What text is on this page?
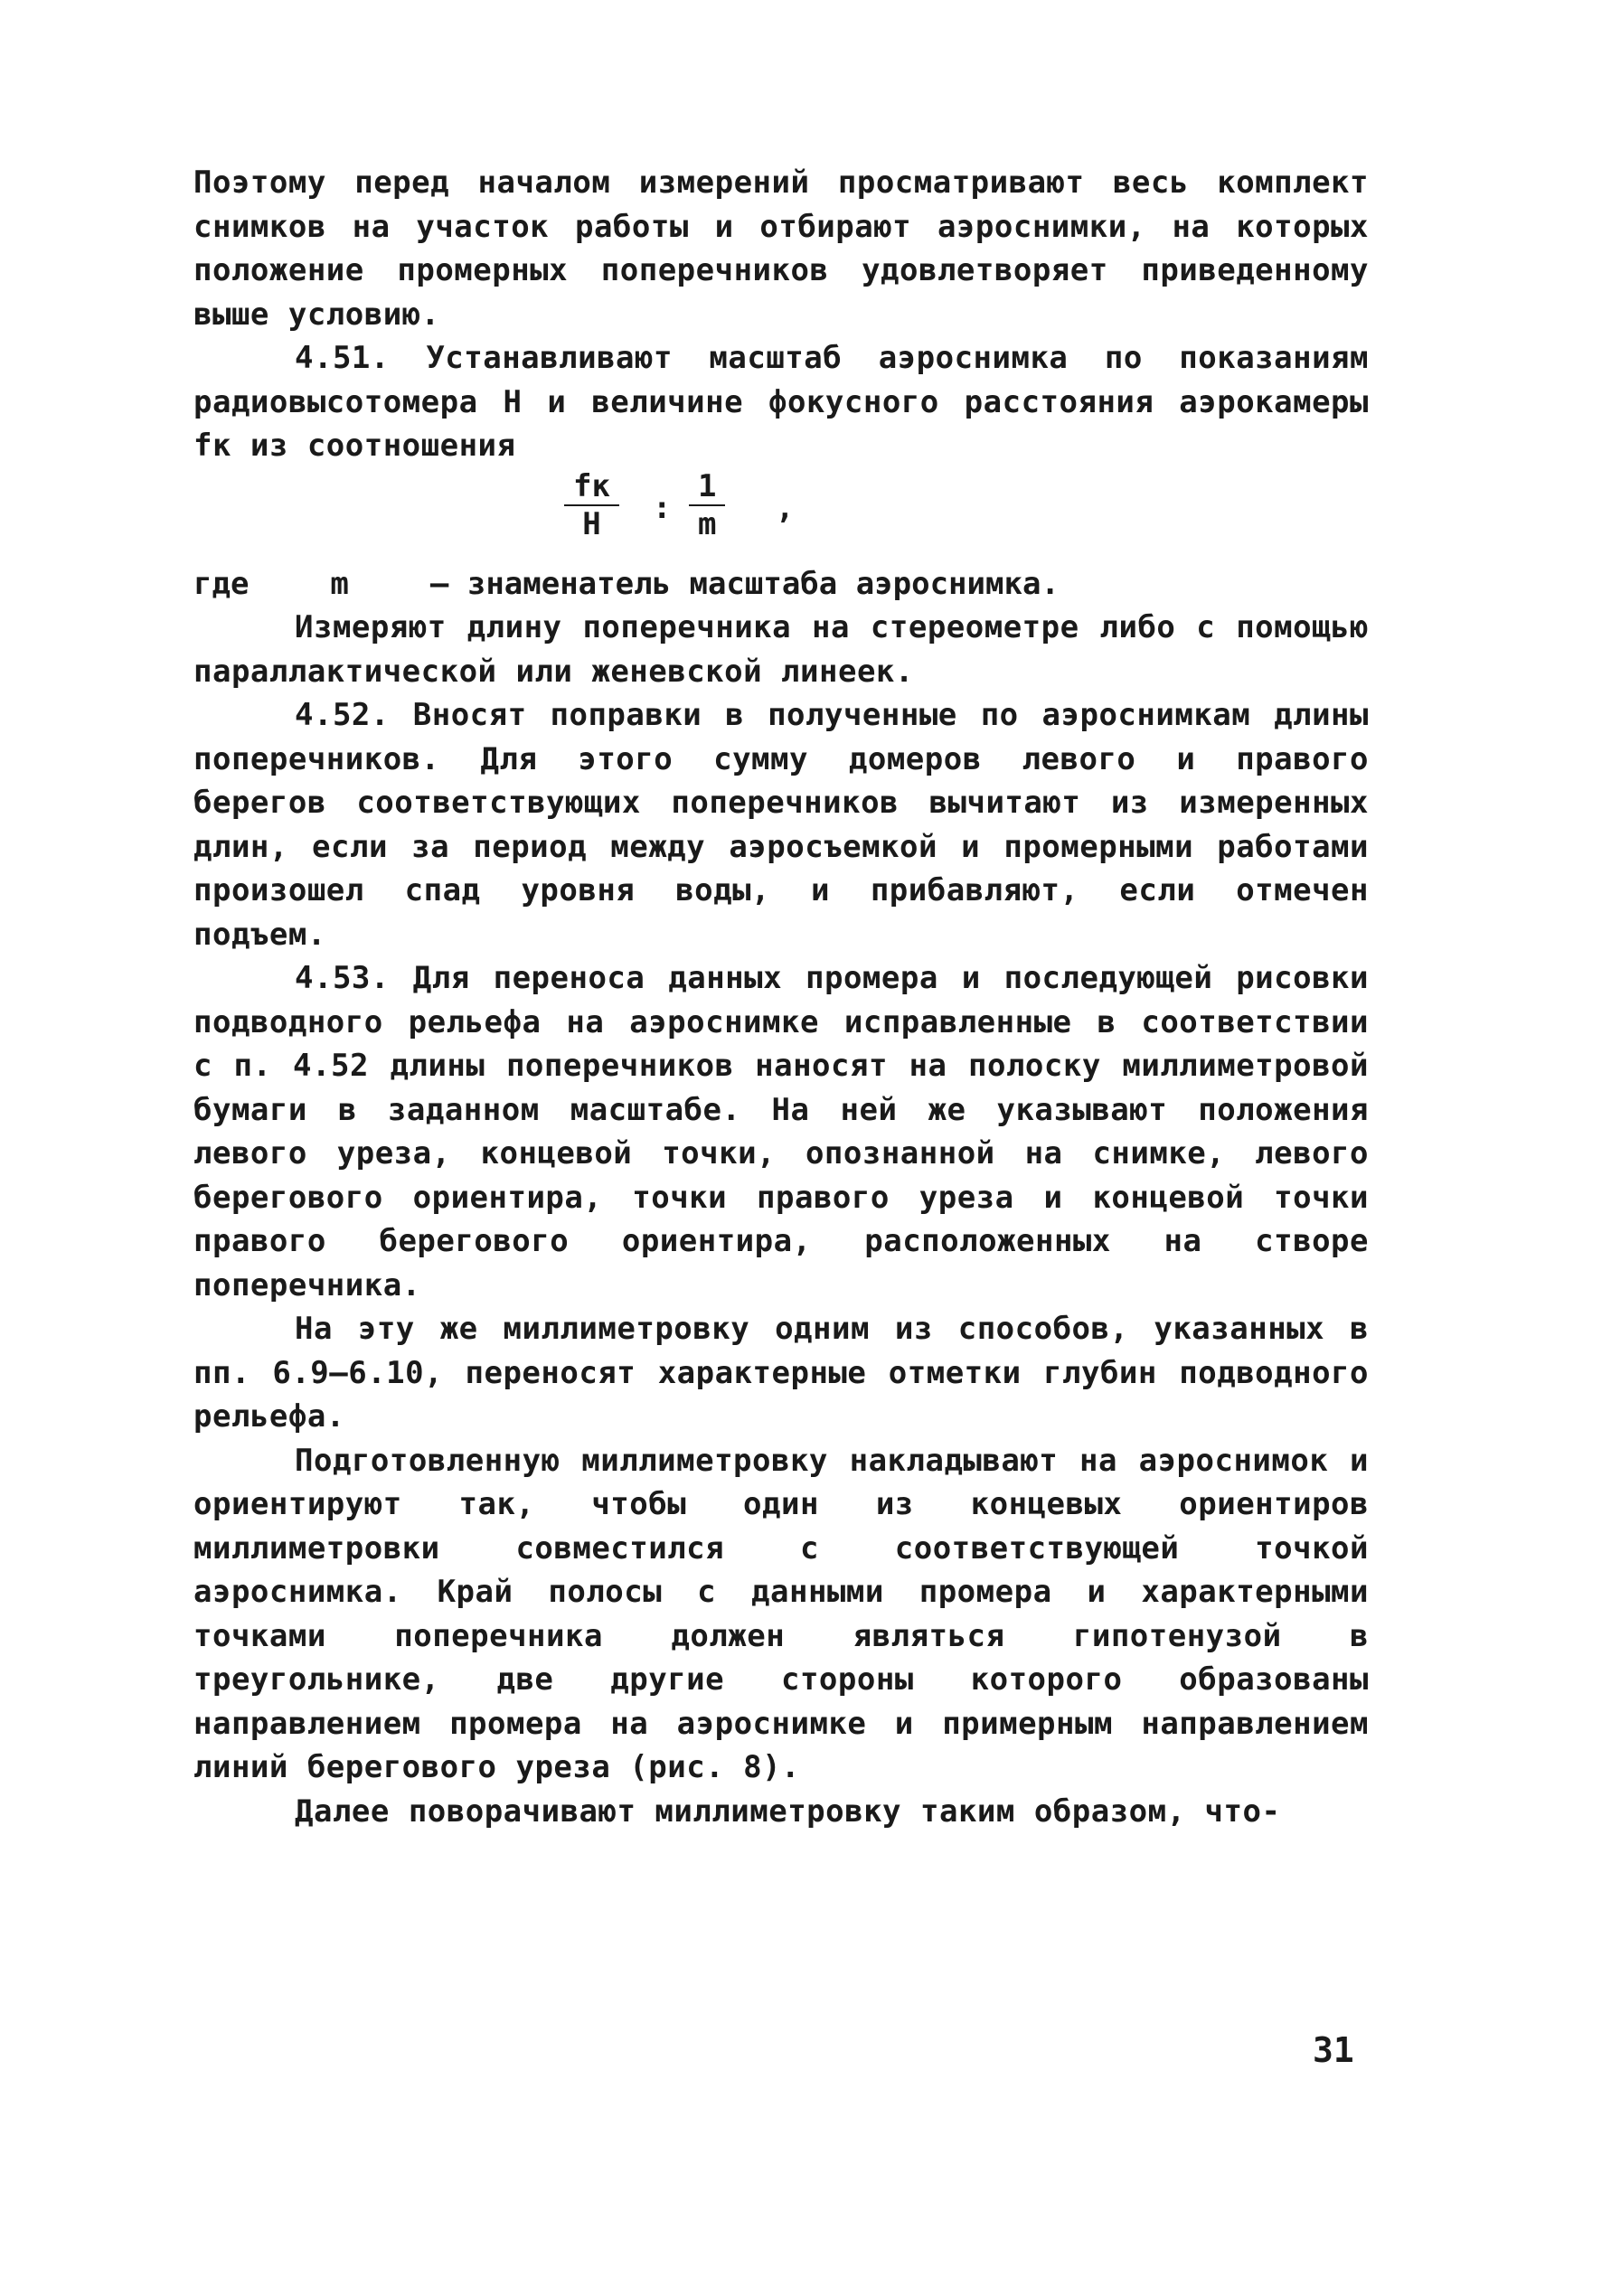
Поэтому перед началом измерений просматривают весь комплект снимков на участок работы и отбирают аэроснимки, на которых положение промерных поперечников удовлетворяет приведенному выше условию.

4.51. Устанавливают масштаб аэроснимка по показаниям радиовысотомера H и величине фокусного расстояния аэрокамеры fк из соотношения

fк
H : $\frac{1}{m}$ ,

где	m	– знаменатель масштаба аэроснимка.

Измеряют длину поперечника на стереометре либо с помощью параллактической или женевской линеек.

4.52. Вносят поправки в полученные по аэроснимкам длины поперечников. Для этого сумму домеров левого и правого берегов соответствующих поперечников вычитают из измеренных длин, если за период между аэросъемкой и промерными работами произошел спад уровня воды, и прибавляют, если отмечен подъем.

4.53. Для переноса данных промера и последующей рисовки подводного рельефа на аэроснимке исправленные в соответствии с п. 4.52 длины поперечников наносят на полоску миллиметровой бумаги в заданном масштабе. На ней же указывают положения левого уреза, концевой точки, опознанной на снимке, левого берегового ориентира, точки правого уреза и концевой точки правого берегового ориентира, расположенных на створе поперечника.

На эту же миллиметровку одним из способов, указанных в пп. 6.9–6.10, переносят характерные отметки глубин подводного рельефа.

Подготовленную миллиметровку накладывают на аэроснимок и ориентируют так, чтобы один из концевых ориентиров миллиметровки совместился с соответствующей точкой аэроснимка. Край полосы с данными промера и характерными точками поперечника должен являться гипотенузой в треугольнике, две другие стороны которого образованы направлением промера на аэроснимке и примерным направлением линий берегового уреза (рис. 8).

Далее поворачивают миллиметровку таким образом, что-

31
